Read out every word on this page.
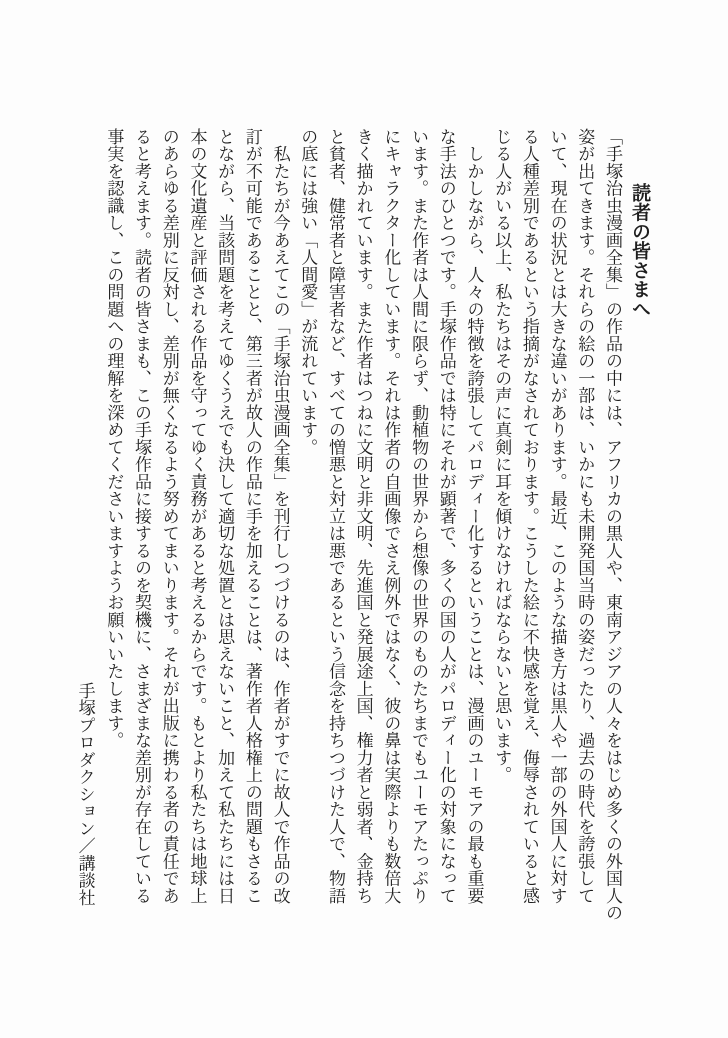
読者の皆さまへ
「手塚治虫漫画全集」の作品の中には、アフリカの黒人や、東南アジアの人々をはじめ多くの外国人の
姿が出てきます。それらの絵の一部は、いかにも未開発国当時の姿だったり、過去の時代を誇張して
いて、現在の状況とは大きな違いがあります。最近、このような描き方は黒人や一部の外国人に対す
る人種差別であるという指摘がなされております。こうした絵に不快感を覚え、侮辱されていると感
じる人がいる以上、私たちはその声に真剣に耳を傾けなければならないと思います。
　しかしながら、人々の特徴を誇張してパロディー化するということは、漫画のユーモアの最も重要
な手法のひとつです。手塚作品では特にそれが顕著で、多くの国の人がパロディー化の対象になって
います。また作者は人間に限らず、動植物の世界から想像の世界のものたちまでもユーモアたっぷり
にキャラクター化しています。それは作者の自画像でさえ例外ではなく、彼の鼻は実際よりも数倍大
きく描かれています。また作者はつねに文明と非文明、先進国と発展途上国、権力者と弱者、金持ち
と貧者、健常者と障害者など、すべての憎悪と対立は悪であるという信念を持ちつづけた人で、物語
の底には強い「人間愛」が流れています。
　私たちが今あえてこの「手塚治虫漫画全集」を刊行しつづけるのは、作者がすでに故人で作品の改
訂が不可能であることと、第三者が故人の作品に手を加えることは、著作者人格権上の問題もさるこ
とながら、当該問題を考えてゆくうえでも決して適切な処置とは思えないこと、加えて私たちには日
本の文化遺産と評価される作品を守ってゆく責務があると考えるからです。もとより私たちは地球上
のあらゆる差別に反対し、差別が無くなるよう努めてまいります。それが出版に携わる者の責任であ
ると考えます。読者の皆さまも、この手塚作品に接するのを契機に、さまざまな差別が存在している
事実を認識し、この問題への理解を深めてくださいますようお願いいたします。
手塚プロダクション／講談社
